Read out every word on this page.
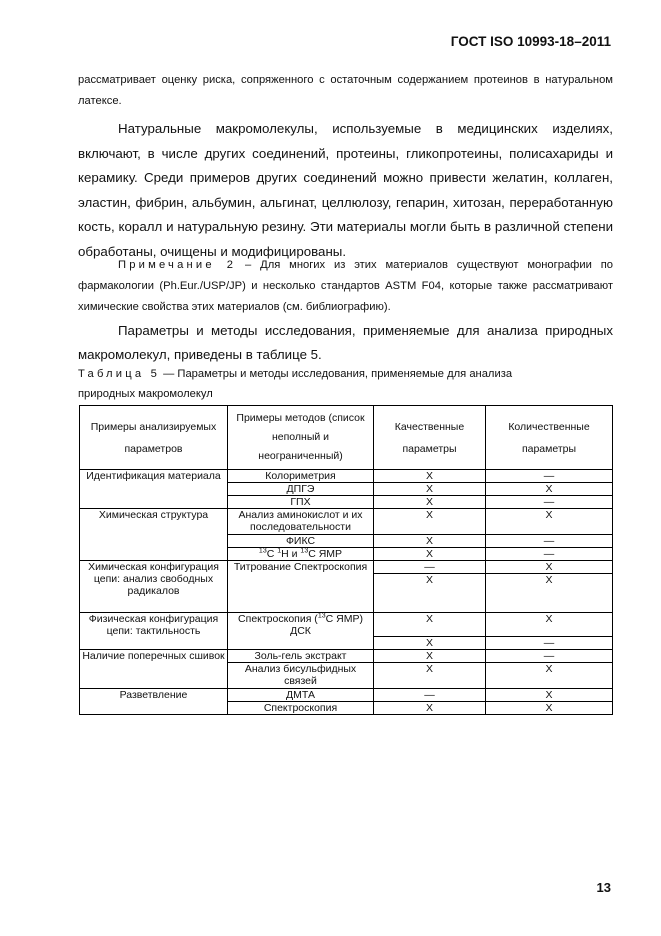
ГОСТ ISO 10993-18–2011
рассматривает оценку риска, сопряженного с остаточным содержанием протеинов в натуральном латексе.
Натуральные макромолекулы, используемые в медицинских изделиях, включают, в числе других соединений, протеины, гликопротеины, полисахариды и керамику. Среди примеров других соединений можно привести желатин, коллаген, эластин, фибрин, альбумин, альгинат, целлюлозу, гепарин, хитозан, переработанную кость, коралл и натуральную резину. Эти материалы могли быть в различной степени обработаны, очищены и модифицированы.
Примечание 2 – Для многих из этих материалов существуют монографии по фармакологии (Ph.Eur./USP/JP) и несколько стандартов ASTM F04, которые также рассматривают химические свойства этих материалов (см. библиографию).
Параметры и методы исследования, применяемые для анализа природных макромолекул, приведены в таблице 5.
Таблица 5 — Параметры и методы исследования, применяемые для анализа природных макромолекул
Примеры анализируемых параметров	Примеры методов (список неполный и неограниченный)	Качественные параметры	Количественные параметры
Идентификация материала	Колориметрия	X	—
	ДПГЭ	X	X
	ГПХ	X	—
Химическая структура	Анализ аминокислот и их последовательности	X	X
	ФИКС	X	—
	$^{13}$C $^1$H и $^{13}$C ЯМР	X	—
Химическая конфигурация цепи: анализ свободных радикалов	Титрование Спектроскопия	—	X
		X	X
Физическая конфигурация цепи: тактильность	Спектроскопия ($^{13}$C ЯМР) ДСК	X	X
		X	—
Наличие поперечных сшивок	Золь-гель экстракт	X	—
	Анализ бисульфидных связей	X	X
Разветвление	ДМТА	—	X
	Спектроскопия	X	X
13
